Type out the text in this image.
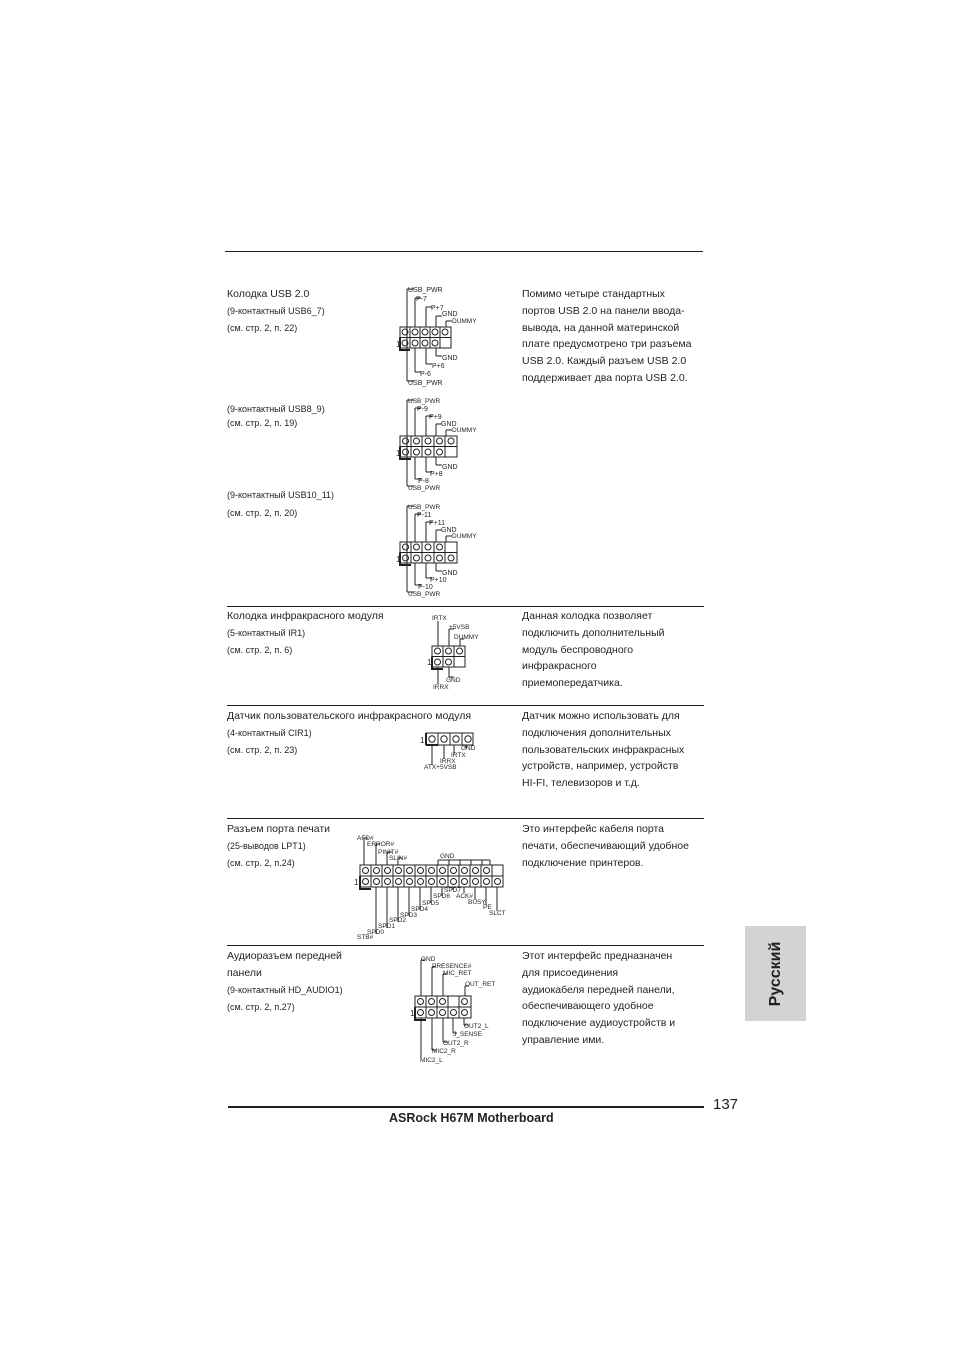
Колодка USB 2.0
(9-контактный USB6_7)
(см. стр. 2, п. 22)
(9-контактный USB8_9)
(см. стр. 2, п. 19)
(9-контактный USB10_11)
(см. стр. 2, п. 20)
Помимо четыре стандартных
портов USB 2.0 на панели ввода-
вывода, на данной материнской
плате предусмотрено три разъема
USB 2.0. Каждый разъем USB 2.0
поддерживает два порта USB 2.0.
1
USB_PWR
P-7
P+7
GND
DUMMY
GND
P+6
P-6
USB_PWR
1
USB_PWR
P-9
P+9
GND
DUMMY
GND
P+8
P-8
USB_PWR
1
USB_PWR
P-11
P+11
GND
DUMMY
GND
P+10
P-10
USB_PWR
Колодка инфракрасного модуля
(5-контактный IR1)
(см. стр. 2, п. 6)
Данная колодка позволяет
подключить дополнительный
модуль беспроводного
инфракрасного
приемопередатчика.
1
IRTX
+5VSB
DUMMY
GND
IRRX
Датчик пользовательского инфракрасного модуля
(4-контактный CIR1)
(см. стр. 2, п. 23)
Датчик можно использовать для
подключения дополнительных
пользовательских инфракрасных
устройств, например, устройств
HI-FI, телевизоров и т.д.
1
GND
IRTX
IRRX
ATX+5VSB
Разъем порта печати
(25-выводов LPT1)
(см. стр. 2, п.24)
Это интерфейс кабеля порта
печати, обеспечивающий удобное
подключение принтеров.
1
AFD#
ERROR#
PINIT#
SLIN#	GND
SPD7
ACK#
BUSY
PE
SLCT
SPD6
SPD5
SPD4
SPD3
SPD2
SPD1
SPD0
STB#
Аудиоразъем передней
панели
(9-контактный HD_AUDIO1)
(см. стр. 2, п.27)
Этот интерфейс предназначен
для присоединения
аудиокабеля передней панели,
обеспечивающего удобное
подключение аудиоустройств и
управление ими.
1
GND
PRESENCE#
MIC_RET
OUT_RET
OUT2_L
J_SENSE
OUT2_R
MIC2_R
MIC2_L
Русский
137
ASRock H67M Motherboard
